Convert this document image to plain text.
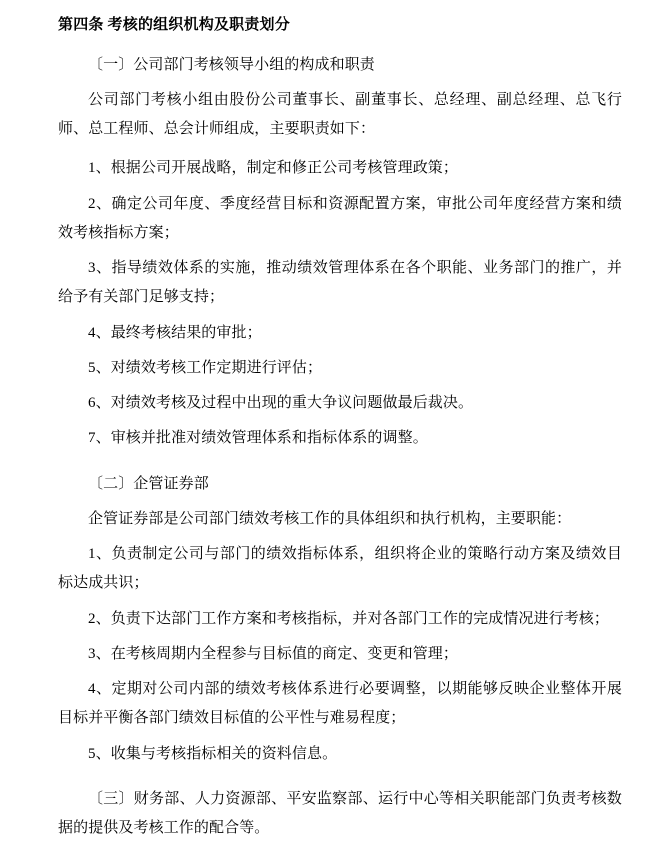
第四条 考核的组织机构及职责划分

〔一〕公司部门考核领导小组的构成和职责

公司部门考核小组由股份公司董事长、副董事长、总经理、副总经理、总飞行师、总工程师、总会计师组成，主要职责如下：

1、根据公司开展战略，制定和修正公司考核管理政策；

2、确定公司年度、季度经营目标和资源配置方案，审批公司年度经营方案和绩效考核指标方案；

3、指导绩效体系的实施，推动绩效管理体系在各个职能、业务部门的推广，并给予有关部门足够支持；

4、最终考核结果的审批；

5、对绩效考核工作定期进行评估；

6、对绩效考核及过程中出现的重大争议问题做最后裁决。

7、审核并批准对绩效管理体系和指标体系的调整。

〔二〕企管证券部

企管证券部是公司部门绩效考核工作的具体组织和执行机构，主要职能：

1、负责制定公司与部门的绩效指标体系，组织将企业的策略行动方案及绩效目标达成共识；

2、负责下达部门工作方案和考核指标，并对各部门工作的完成情况进行考核；

3、在考核周期内全程参与目标值的商定、变更和管理；

4、定期对公司内部的绩效考核体系进行必要调整，以期能够反映企业整体开展目标并平衡各部门绩效目标值的公平性与难易程度；

5、收集与考核指标相关的资料信息。

〔三〕财务部、人力资源部、平安监察部、运行中心等相关职能部门负责考核数据的提供及考核工作的配合等。
